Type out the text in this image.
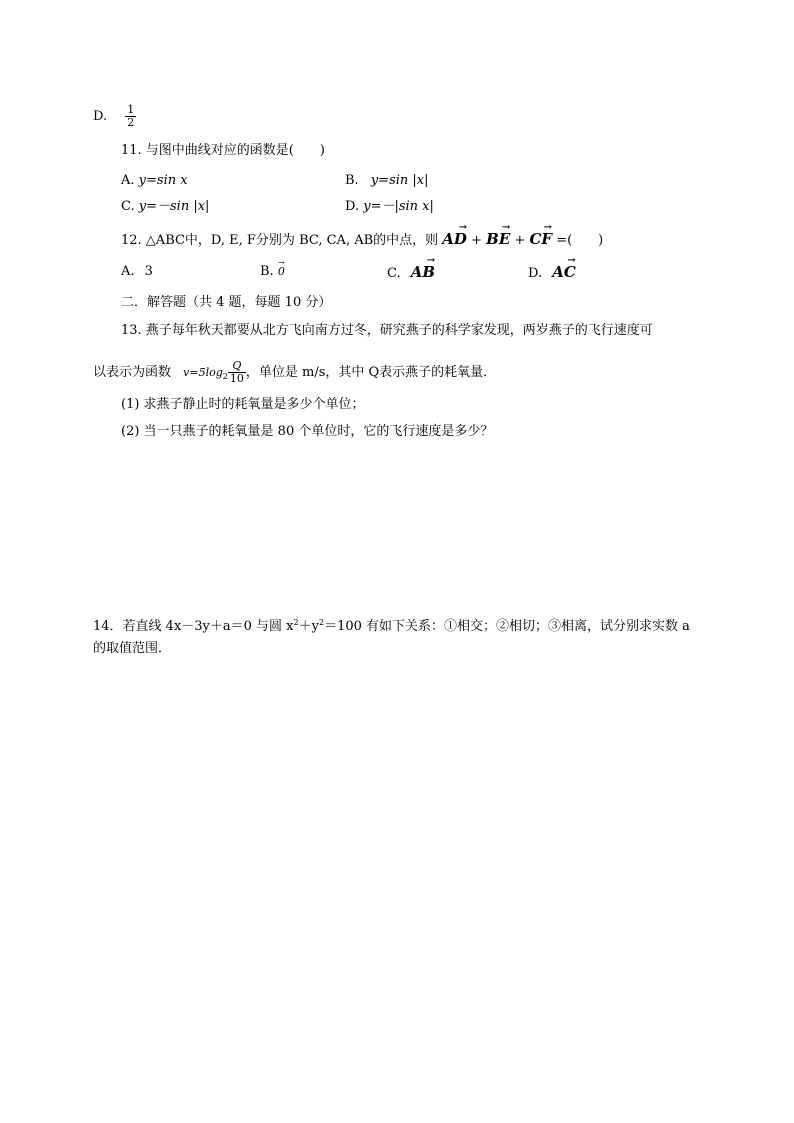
D. $\frac{1}{2}$
11. 与图中曲线对应的函数是(　　)
A. y=sin x	B. y=sin |x|
C. y=－sin |x|	D. y=－|sin x|
12. △ABC中，D, E, F分别为 BC, CA, AB的中点，则
→
AD +
→
BE +
→
CF =(　　)
A. 3	B.
→
0	C.
→
AB	D.
→
AC
二．解答题（共 4 题，每题 10 分）
13. 燕子每年秋天都要从北方飞向南方过冬，研究燕子的科学家发现，两岁燕子的飞行速度可
以表示为函数 $v=5\log_2 \frac{Q}{10}$ ，单位是 m/s，其中 Q表示燕子的耗氧量．
(1) 求燕子静止时的耗氧量是多少个单位；
(2) 当一只燕子的耗氧量是 80 个单位时，它的飞行速度是多少？
14．若直线 4x－3y＋a＝0 与圆 $x^2+y^2=100$ 有如下关系：①相交；②相切；③相离，试分别求实数 a
的取值范围．
